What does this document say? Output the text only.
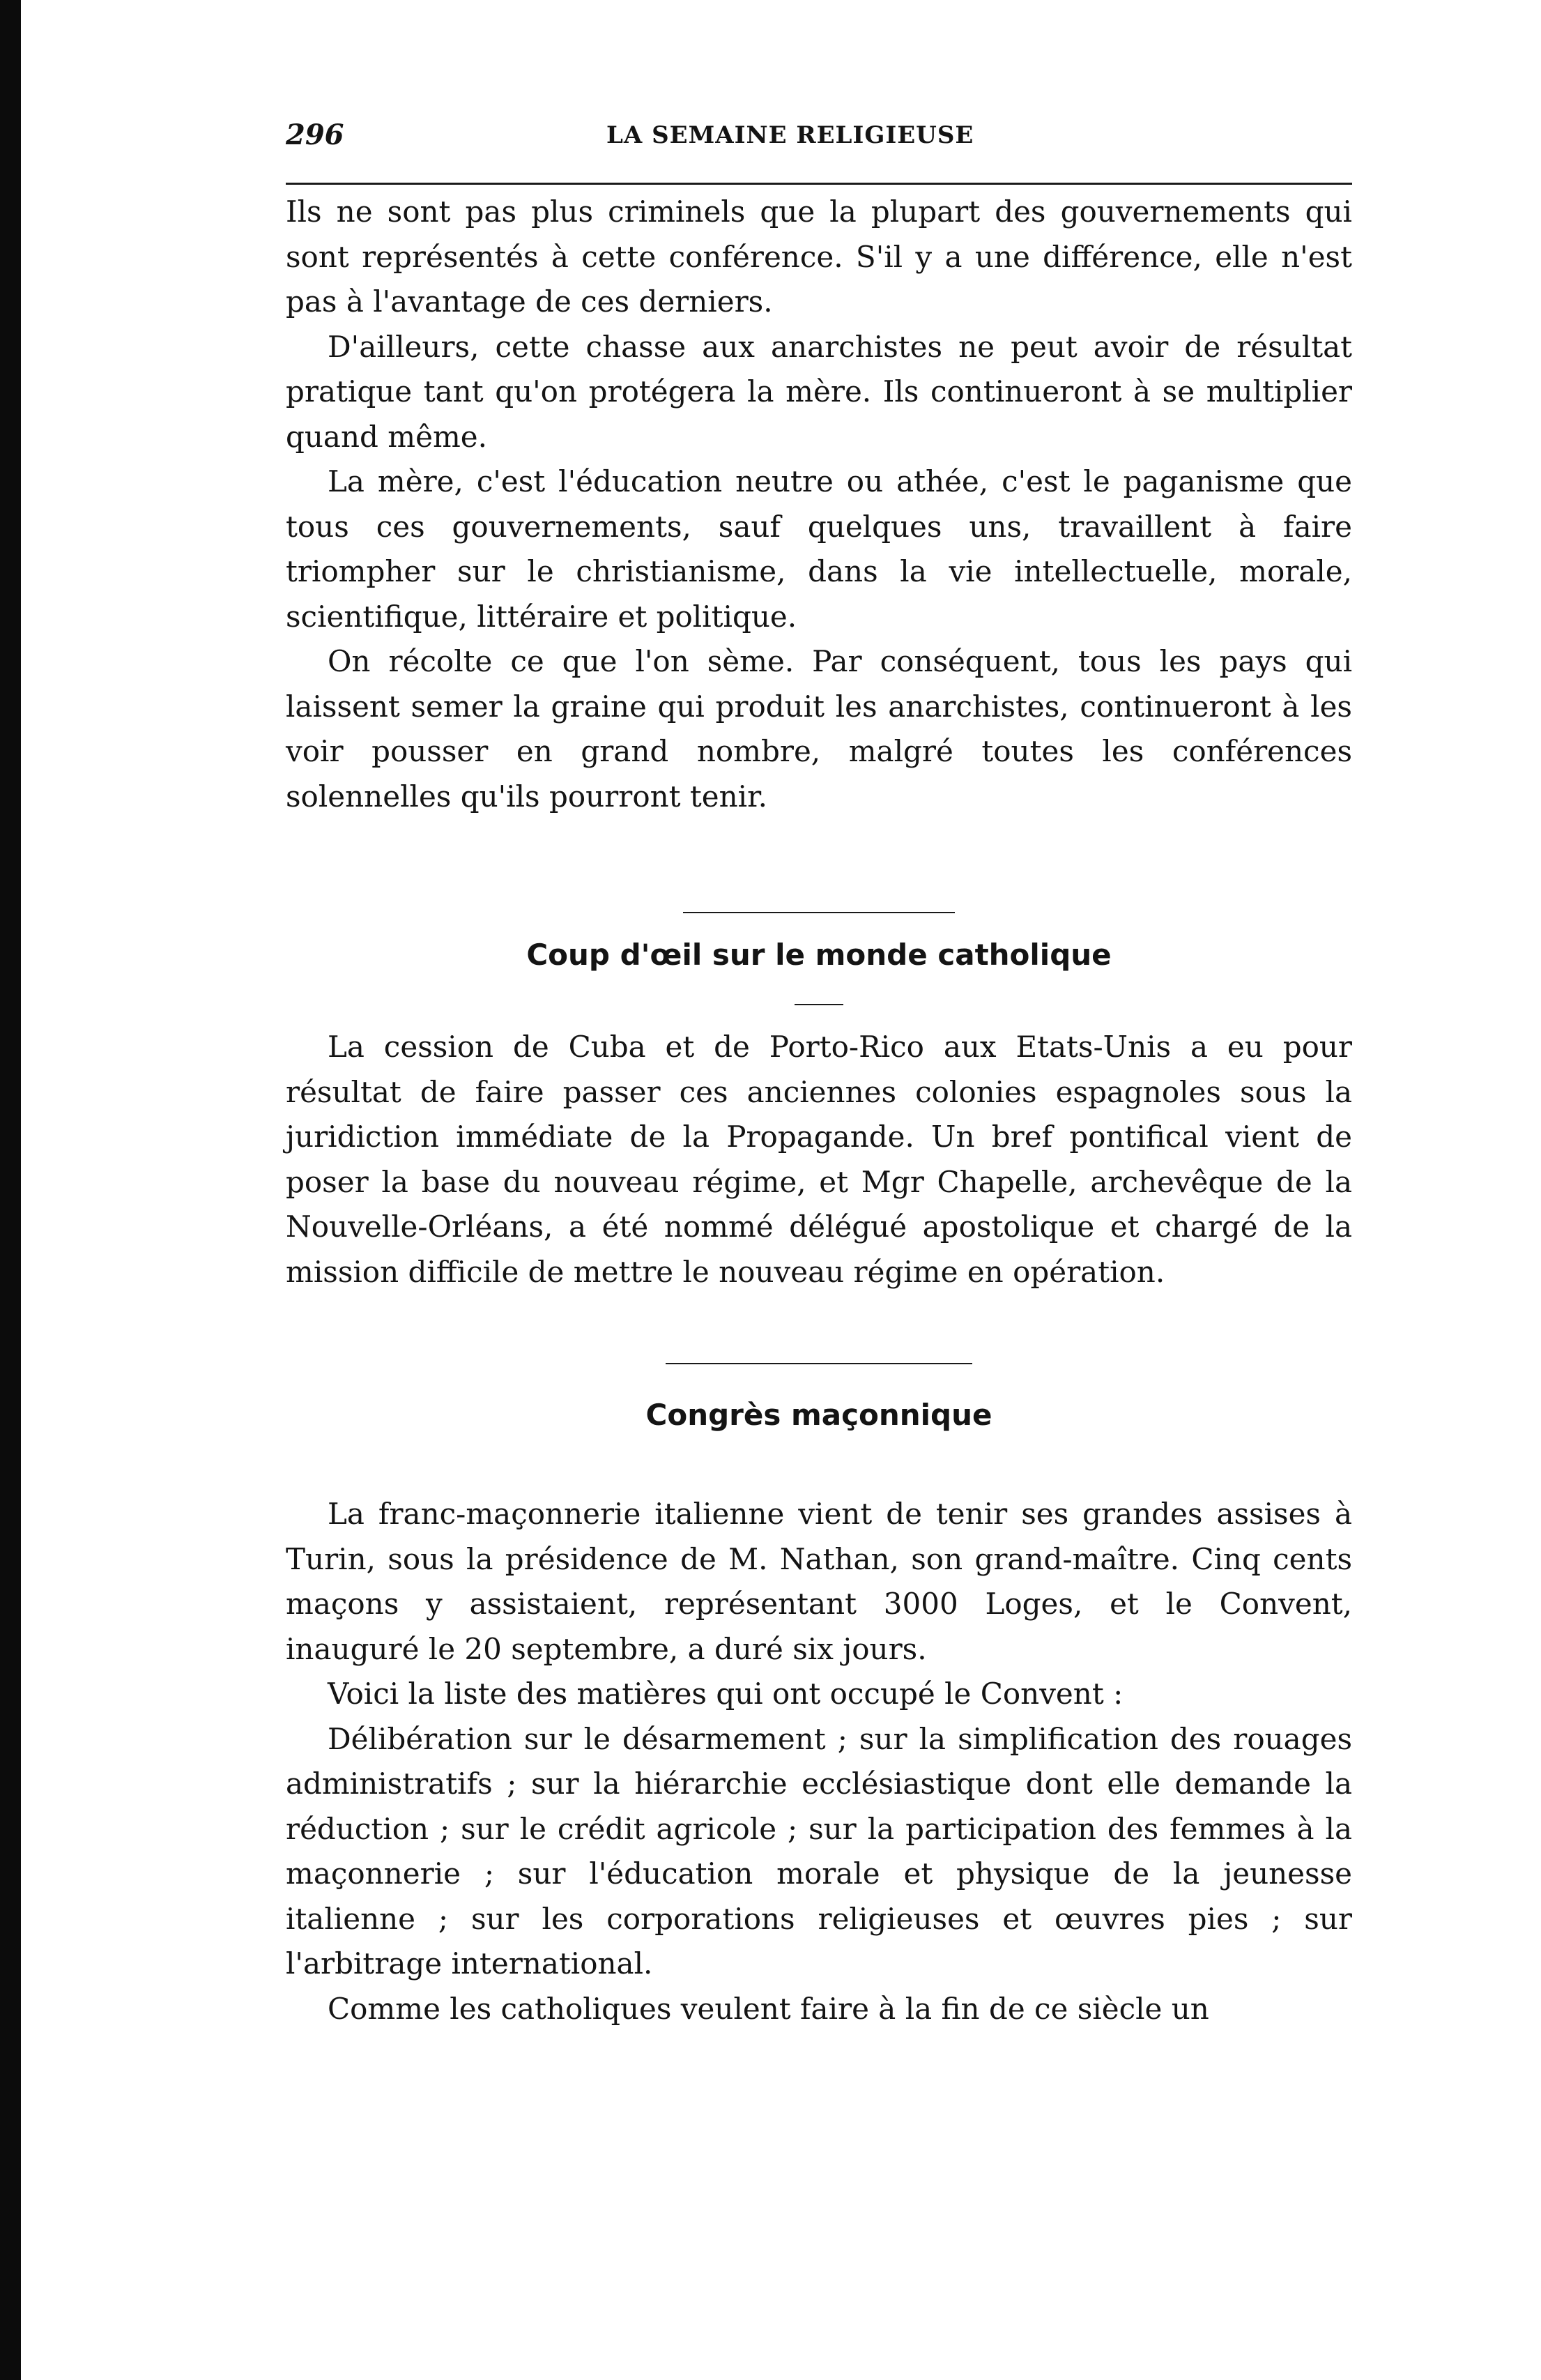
296	LA SEMAINE RELIGIEUSE

Ils ne sont pas plus criminels que la plupart des gouvernements qui sont représentés à cette conférence. S'il y a une différence, elle n'est pas à l'avantage de ces derniers.

D'ailleurs, cette chasse aux anarchistes ne peut avoir de résultat pratique tant qu'on protégera la mère. Ils continueront à se multiplier quand même.

La mère, c'est l'éducation neutre ou athée, c'est le paganisme que tous ces gouvernements, sauf quelques uns, travaillent à faire triompher sur le christianisme, dans la vie intellectuelle, morale, scientifique, littéraire et politique.

On récolte ce que l'on sème. Par conséquent, tous les pays qui laissent semer la graine qui produit les anarchistes, continueront à les voir pousser en grand nombre, malgré toutes les conférences solennelles qu'ils pourront tenir.

Coup d'œil sur le monde catholique

La cession de Cuba et de Porto-Rico aux Etats-Unis a eu pour résultat de faire passer ces anciennes colonies espagnoles sous la juridiction immédiate de la Propagande. Un bref pontifical vient de poser la base du nouveau régime, et Mgr Chapelle, archevêque de la Nouvelle-Orléans, a été nommé délégué apostolique et chargé de la mission difficile de mettre le nouveau régime en opération.

Congrès maçonnique

La franc-maçonnerie italienne vient de tenir ses grandes assises à Turin, sous la présidence de M. Nathan, son grand-maître. Cinq cents maçons y assistaient, représentant 3000 Loges, et le Convent, inauguré le 20 septembre, a duré six jours.

Voici la liste des matières qui ont occupé le Convent :

Délibération sur le désarmement ; sur la simplification des rouages administratifs ; sur la hiérarchie ecclésiastique dont elle demande la réduction ; sur le crédit agricole ; sur la participation des femmes à la maçonnerie ; sur l'éducation morale et physique de la jeunesse italienne ; sur les corporations religieuses et œuvres pies ; sur l'arbitrage international.

Comme les catholiques veulent faire à la fin de ce siècle un
